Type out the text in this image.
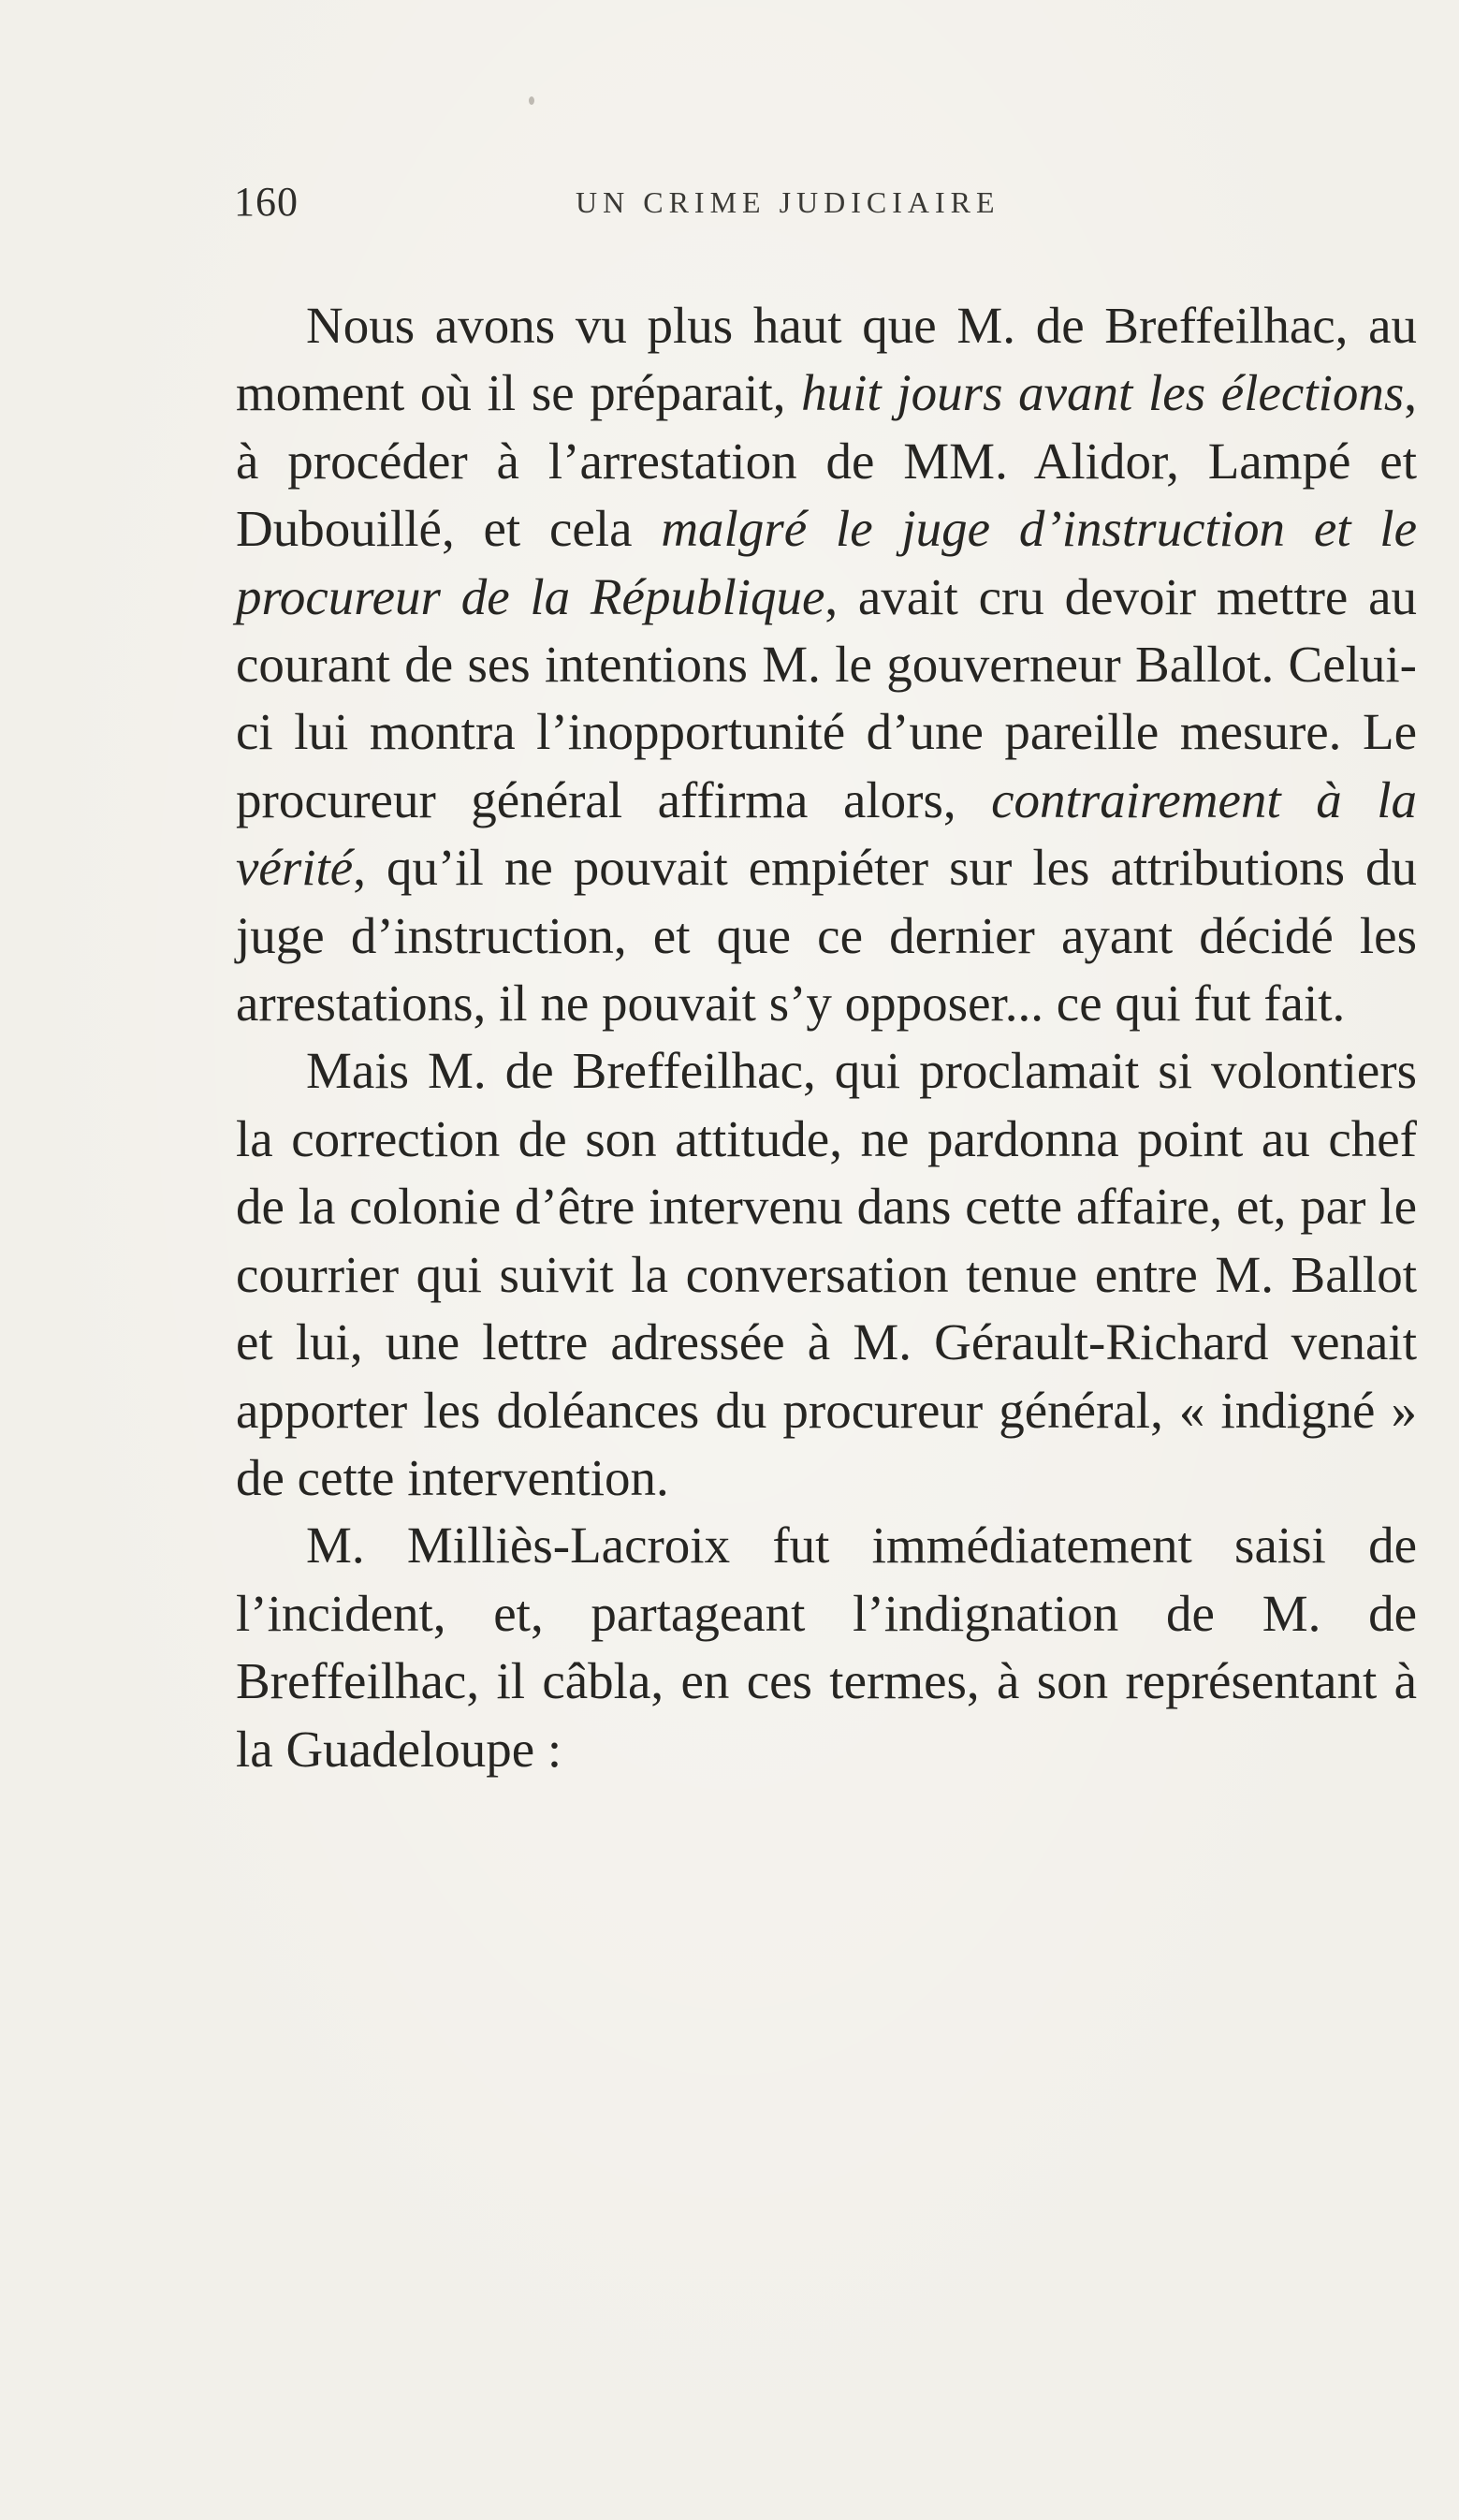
160	UN CRIME JUDICIAIRE

Nous avons vu plus haut que M. de Breffeilhac, au moment où il se préparait, huit jours avant les élections, à procéder à l’arrestation de MM. Alidor, Lampé et Dubouillé, et cela malgré le juge d’instruction et le procureur de la République, avait cru devoir mettre au courant de ses intentions M. le gouverneur Ballot. Celui-ci lui montra l’inopportunité d’une pareille mesure. Le procureur général affirma alors, contrairement à la vérité, qu’il ne pouvait empiéter sur les attributions du juge d’instruction, et que ce dernier ayant décidé les arrestations, il ne pouvait s’y opposer... ce qui fut fait.

Mais M. de Breffeilhac, qui proclamait si volontiers la correction de son attitude, ne pardonna point au chef de la colonie d’être intervenu dans cette affaire, et, par le courrier qui suivit la conversation tenue entre M. Ballot et lui, une lettre adressée à M. Gérault-Richard venait apporter les doléances du procureur général, « indigné » de cette intervention.

M. Milliès-Lacroix fut immédiatement saisi de l’incident, et, partageant l’indignation de M. de Breffeilhac, il câbla, en ces termes, à son représentant à la Guadeloupe :
